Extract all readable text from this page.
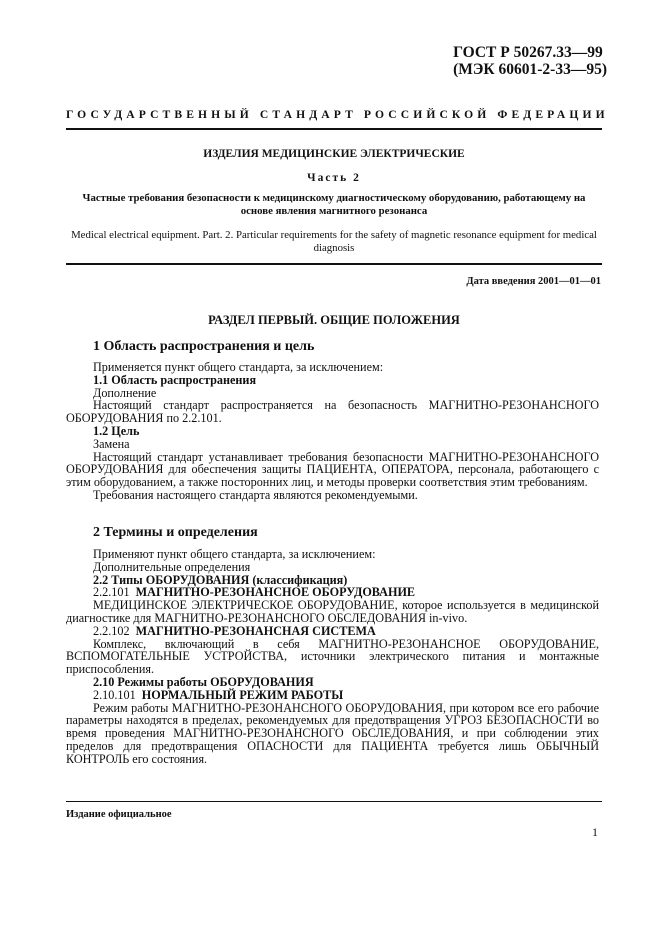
ГОСТ Р 50267.33—99
(МЭК 60601-2-33—95)
ГОСУДАРСТВЕННЫЙ СТАНДАРТ РОССИЙСКОЙ ФЕДЕРАЦИИ
ИЗДЕЛИЯ МЕДИЦИНСКИЕ ЭЛЕКТРИЧЕСКИЕ
Часть 2
Частные требования безопасности к медицинскому диагностическому оборудованию, работающему на основе явления магнитного резонанса
Medical electrical equipment. Part. 2. Particular requirements for the safety of magnetic resonance equipment for medical diagnosis
Дата введения 2001—01—01
РАЗДЕЛ ПЕРВЫЙ. ОБЩИЕ ПОЛОЖЕНИЯ
1 Область распространения и цель

Применяется пункт общего стандарта, за исключением:

1.1 Область распространения

Дополнение

Настоящий стандарт распространяется на безопасность МАГНИТНО-РЕЗОНАНСНОГО ОБОРУДОВАНИЯ по 2.2.101.

1.2 Цель

Замена

Настоящий стандарт устанавливает требования безопасности МАГНИТНО-РЕЗОНАНСНОГО ОБОРУДОВАНИЯ для обеспечения защиты ПАЦИЕНТА, ОПЕРАТОРА, персонала, работающего с этим оборудованием, а также посторонних лиц, и методы проверки соответствия этим требованиям.

Требования настоящего стандарта являются рекомендуемыми.

2 Термины и определения

Применяют пункт общего стандарта, за исключением:

Дополнительные определения

2.2 Типы ОБОРУДОВАНИЯ (классификация)

2.2.101 МАГНИТНО-РЕЗОНАНСНОЕ ОБОРУДОВАНИЕ

МЕДИЦИНСКОЕ ЭЛЕКТРИЧЕСКОЕ ОБОРУДОВАНИЕ, которое используется в медицинской диагностике для МАГНИТНО-РЕЗОНАНСНОГО ОБСЛЕДОВАНИЯ in-vivo.

2.2.102 МАГНИТНО-РЕЗОНАНСНАЯ СИСТЕМА

Комплекс, включающий в себя МАГНИТНО-РЕЗОНАНСНОЕ ОБОРУДОВАНИЕ, ВСПОМОГАТЕЛЬНЫЕ УСТРОЙСТВА, источники электрического питания и монтажные приспособления.

2.10 Режимы работы ОБОРУДОВАНИЯ

2.10.101 НОРМАЛЬНЫЙ РЕЖИМ РАБОТЫ

Режим работы МАГНИТНО-РЕЗОНАНСНОГО ОБОРУДОВАНИЯ, при котором все его рабочие параметры находятся в пределах, рекомендуемых для предотвращения УГРОЗ БЕЗОПАСНОСТИ во время проведения МАГНИТНО-РЕЗОНАНСНОГО ОБСЛЕДОВАНИЯ, и при соблюдении этих пределов для предотвращения ОПАСНОСТИ для ПАЦИЕНТА требуется лишь ОБЫЧНЫЙ КОНТРОЛЬ его состояния.

Издание официальное
1
